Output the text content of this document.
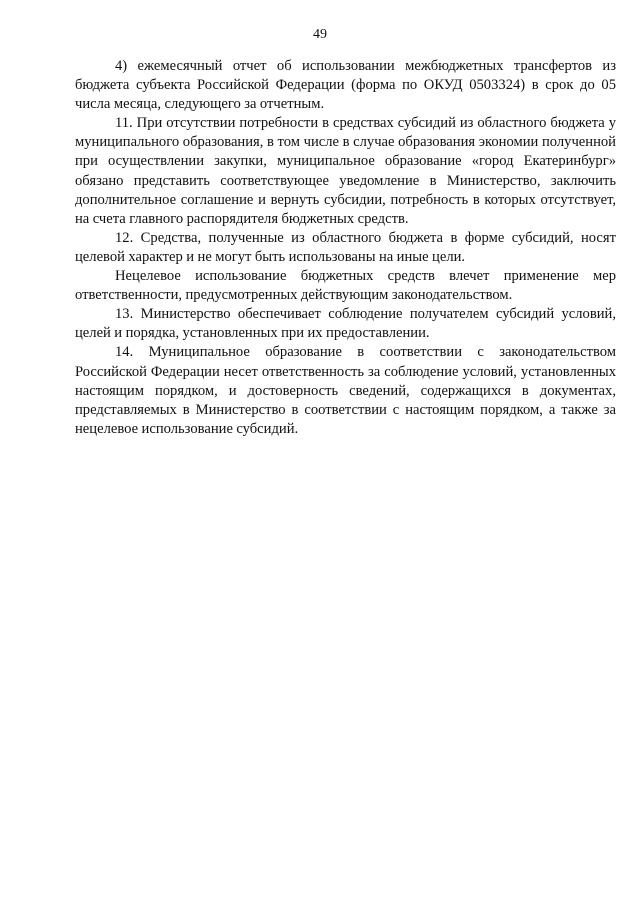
49

4) ежемесячный отчет об использовании межбюджетных трансфертов из бюджета субъекта Российской Федерации (форма по ОКУД 0503324) в срок до 05 числа месяца, следующего за отчетным.

11. При отсутствии потребности в средствах субсидий из областного бюджета у муниципального образования, в том числе в случае образования экономии полученной при осуществлении закупки, муниципальное образование «город Екатеринбург» обязано представить соответствующее уведомление в Министерство, заключить дополнительное соглашение и вернуть субсидии, потребность в которых отсутствует, на счета главного распорядителя бюджетных средств.

12. Средства, полученные из областного бюджета в форме субсидий, носят целевой характер и не могут быть использованы на иные цели.

Нецелевое использование бюджетных средств влечет применение мер ответственности, предусмотренных действующим законодательством.

13. Министерство обеспечивает соблюдение получателем субсидий условий, целей и порядка, установленных при их предоставлении.

14. Муниципальное образование в соответствии с законодательством Российской Федерации несет ответственность за соблюдение условий, установленных настоящим порядком, и достоверность сведений, содержащихся в документах, представляемых в Министерство в соответствии с настоящим порядком, а также за нецелевое использование субсидий.
